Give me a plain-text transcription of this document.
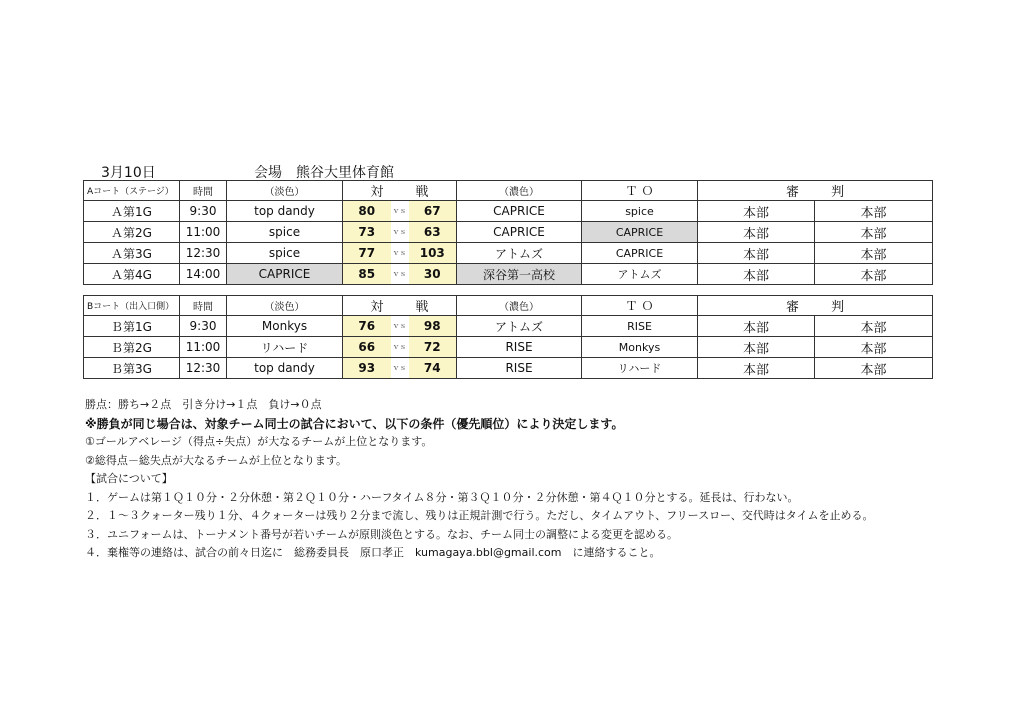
3月10日	会場　熊谷大里体育館
Aコート（ステージ）	時間	（淡色）	対 戦			（濃色）	ＴＯ	審 判	
Ａ第1G	9:30	top dandy	80	ｖｓ	67	CAPRICE	spice	本部	本部
Ａ第2G	11:00	spice	73	ｖｓ	63	CAPRICE	CAPRICE	本部	本部
Ａ第3G	12:30	spice	77	ｖｓ	103	アトムズ	CAPRICE	本部	本部
Ａ第4G	14:00	CAPRICE	85	ｖｓ	30	深谷第一高校	アトムズ	本部	本部
Bコート（出入口側）	時間	（淡色）	対 戦			（濃色）	ＴＯ	審 判	
Ｂ第1G	9:30	Monkys	76	ｖｓ	98	アトムズ	RISE	本部	本部
Ｂ第2G	11:00	リハード	66	ｖｓ	72	RISE	Monkys	本部	本部
Ｂ第3G	12:30	top dandy	93	ｖｓ	74	RISE	リハード	本部	本部
勝点：勝ち→２点　引き分け→１点　負け→０点
※勝負が同じ場合は、対象チーム同士の試合において、以下の条件（優先順位）により決定します。
①ゴールアベレージ（得点÷失点）が大なるチームが上位となります。
②総得点－総失点が大なるチームが上位となります。
【試合について】
１．ゲームは第１Ｑ１０分・２分休憩・第２Ｑ１０分・ハーフタイム８分・第３Ｑ１０分・２分休憩・第４Ｑ１０分とする。延長は、行わない。
２．１～３クォーター残り１分、４クォーターは残り２分まで流し、残りは正規計測で行う。ただし、タイムアウト、フリースロー、交代時はタイムを止める。
３．ユニフォームは、トーナメント番号が若いチームが原則淡色とする。なお、チーム同士の調整による変更を認める。
４．棄権等の連絡は、試合の前々日迄に　総務委員長　原口孝正　kumagaya.bbl@gmail.com　に連絡すること。
